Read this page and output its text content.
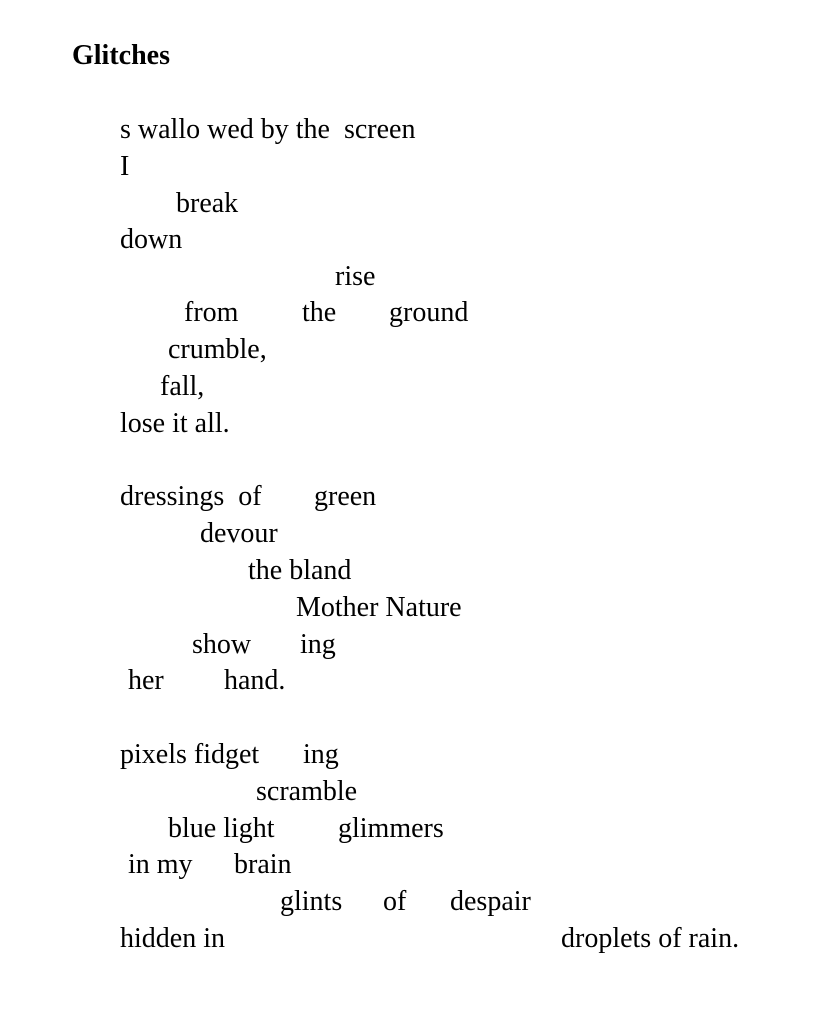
Glitches
s wallo wed by the  screen
I
break
down
rise
from the ground
crumble,
fall,
lose it all.
dressings  of green
devour
the bland
Mother Nature
show ing
her hand.
pixels fidget ing
scramble
blue light glimmers
in my brain
glints of despair
hidden in	droplets of rain.
